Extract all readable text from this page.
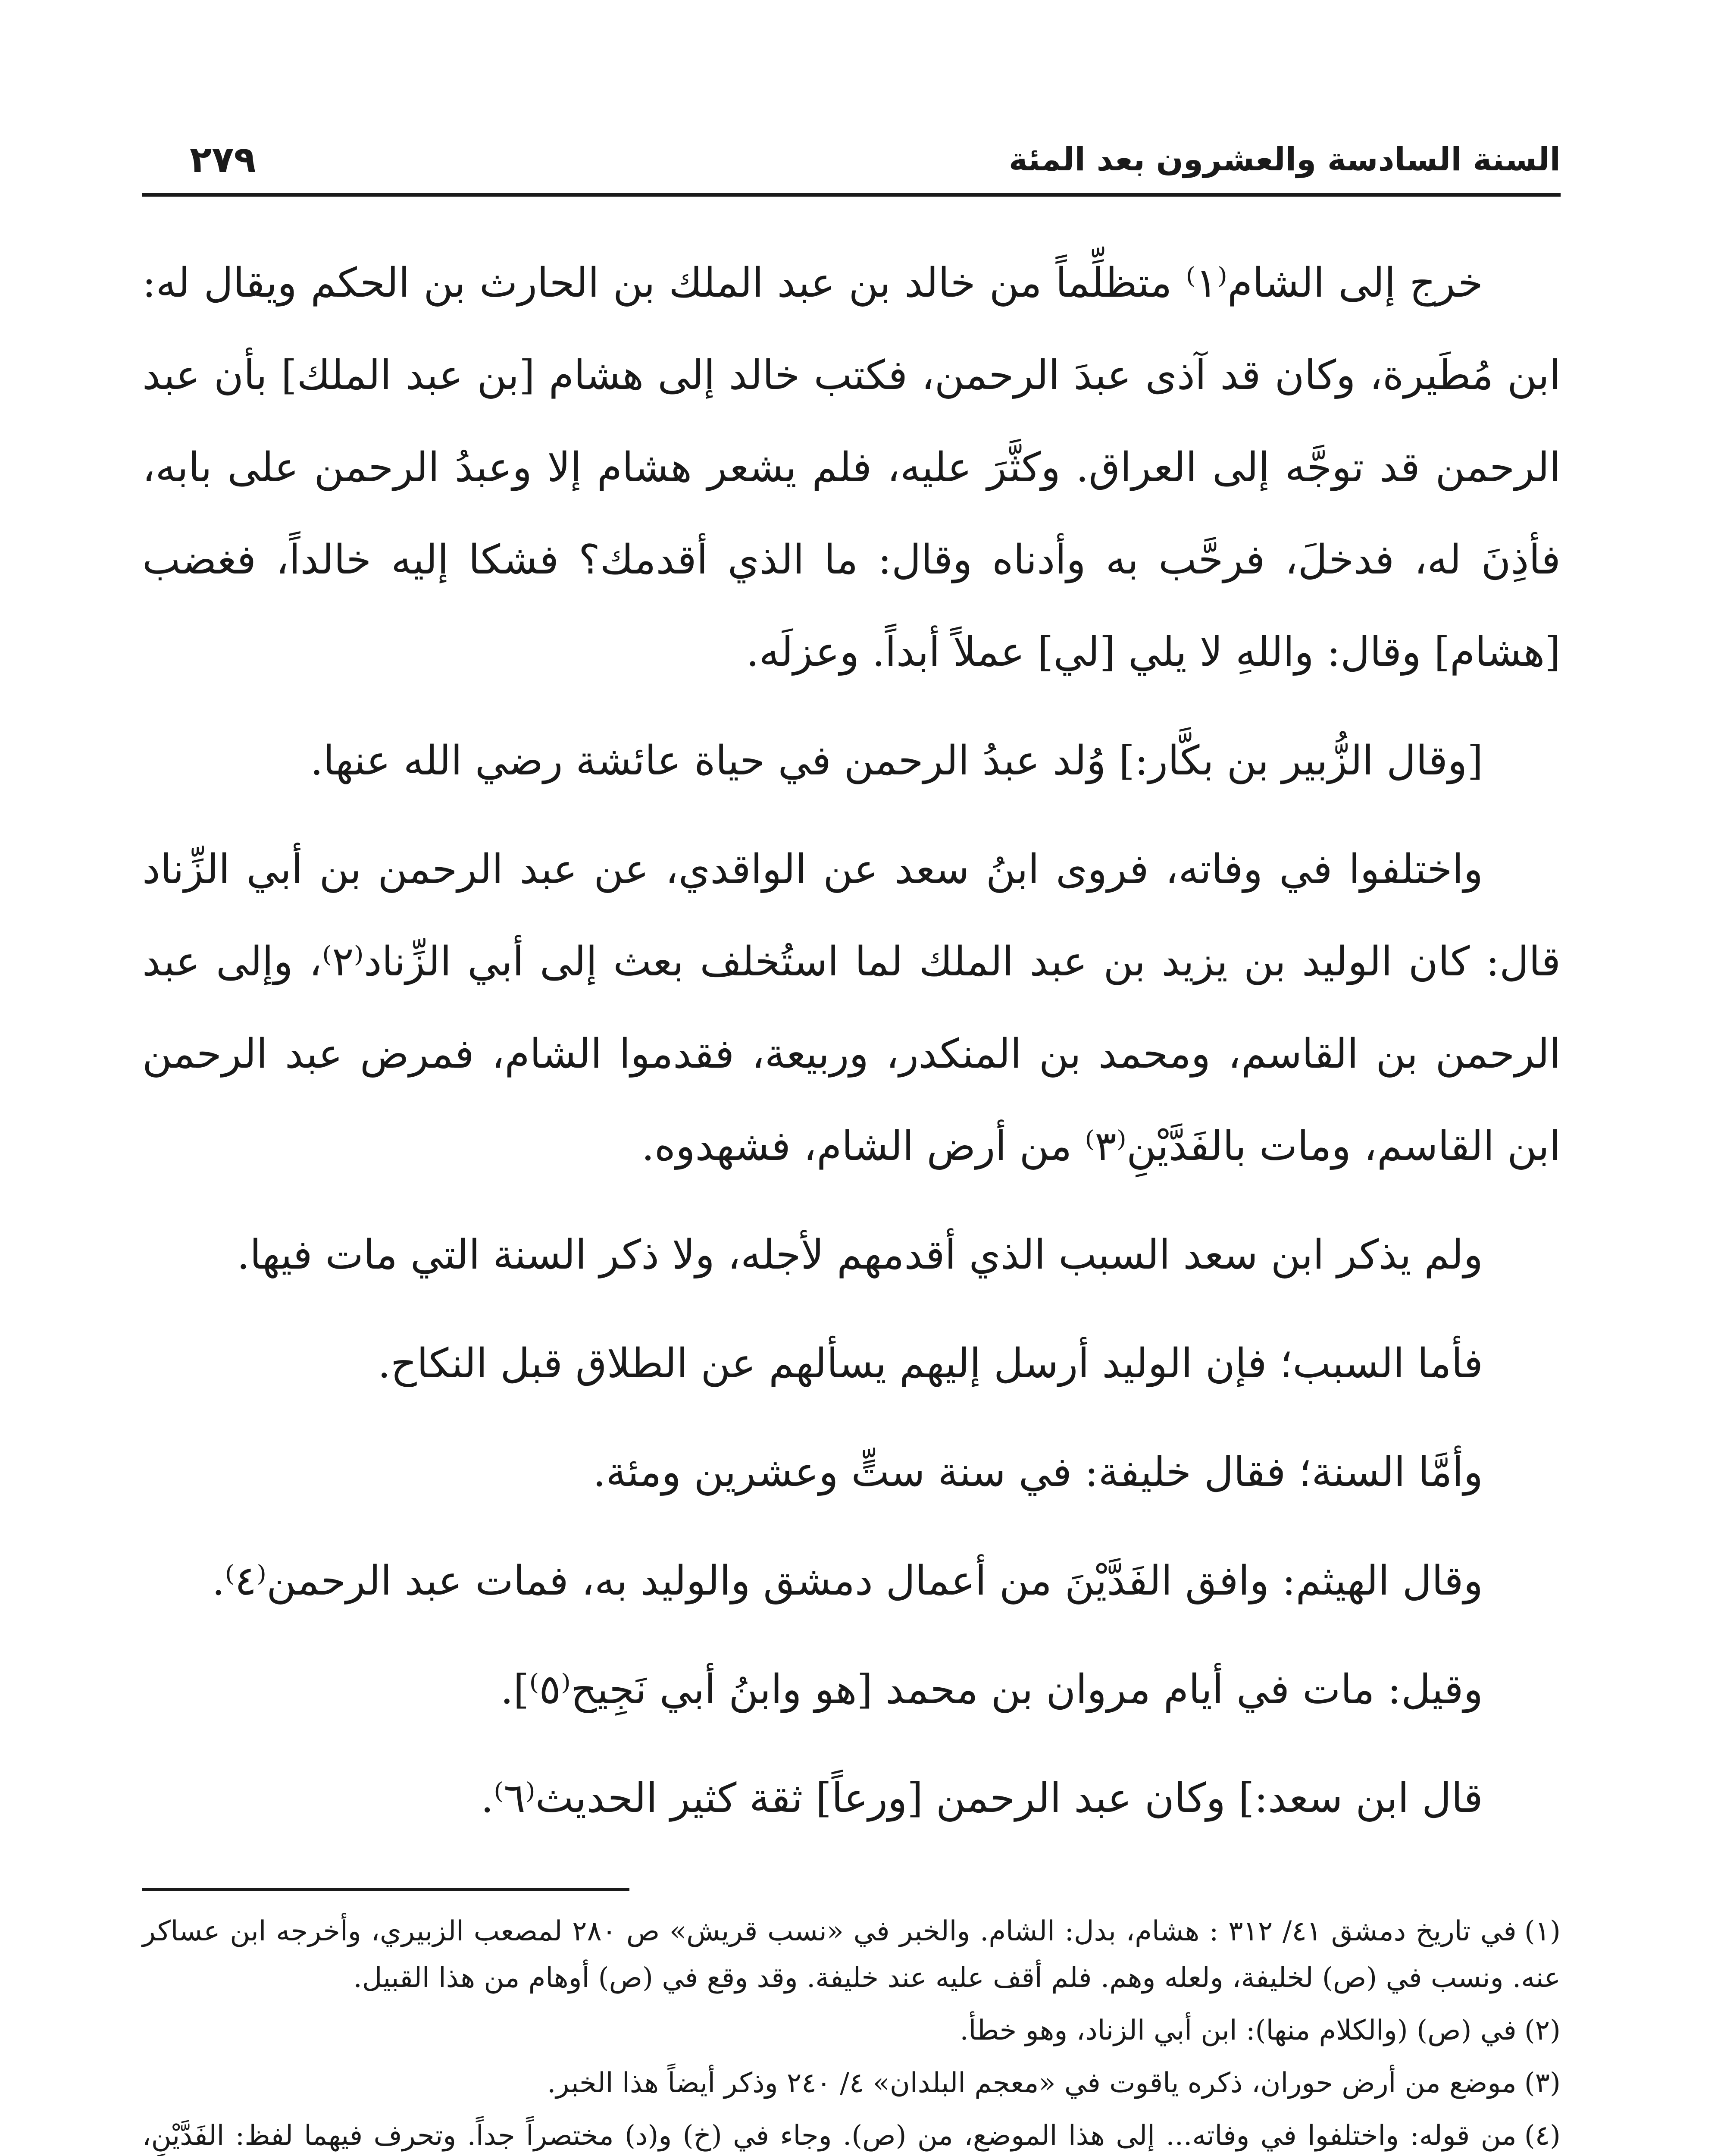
السنة السادسة والعشرون بعد المئة
٢٧٩

خرج إلى الشام⁽١⁾ متظلِّماً من خالد بن عبد الملك بن الحارث بن الحكم ويقال له: ابن مُطَيرة، وكان قد آذى عبدَ الرحمن، فكتب خالد إلى هشام [بن عبد الملك] بأن عبد الرحمن قد توجَّه إلى العراق. وكثَّرَ عليه، فلم يشعر هشام إلا وعبدُ الرحمن على بابه، فأذِنَ له، فدخلَ، فرحَّب به وأدناه وقال: ما الذي أقدمك؟ فشكا إليه خالداً، فغضب [هشام] وقال: واللهِ لا يلي [لي] عملاً أبداً. وعزلَه.

[وقال الزُّبير بن بكَّار:] وُلد عبدُ الرحمن في حياة عائشة رضي الله عنها.

واختلفوا في وفاته، فروى ابنُ سعد عن الواقدي، عن عبد الرحمن بن أبي الزِّناد قال: كان الوليد بن يزيد بن عبد الملك لما استُخلف بعث إلى أبي الزِّناد⁽٢⁾، وإلى عبد الرحمن بن القاسم، ومحمد بن المنكدر، وربيعة، فقدموا الشام، فمرض عبد الرحمن ابن القاسم، ومات بالفَدَّيْنِ⁽٣⁾ من أرض الشام، فشهدوه.

ولم يذكر ابن سعد السبب الذي أقدمهم لأجله، ولا ذكر السنة التي مات فيها.

فأما السبب؛ فإن الوليد أرسل إليهم يسألهم عن الطلاق قبل النكاح.

وأمَّا السنة؛ فقال خليفة: في سنة ستٍّ وعشرين ومئة.

وقال الهيثم: وافق الفَدَّيْنَ من أعمال دمشق والوليد به، فمات عبد الرحمن⁽٤⁾.

وقيل: مات في أيام مروان بن محمد [هو وابنُ أبي نَجِيح⁽٥⁾].

قال ابن سعد:] وكان عبد الرحمن [ورعاً] ثقة كثير الحديث⁽٦⁾.

(١)في تاريخ دمشق ٤١/ ٣١٢ : هشام، بدل: الشام. والخبر في «نسب قريش» ص ٢٨٠ لمصعب الزبيري، وأخرجه ابن عساكر عنه. ونسب في (ص) لخليفة، ولعله وهم. فلم أقف عليه عند خليفة. وقد وقع في (ص) أوهام من هذا القبيل.

(٢)في (ص) (والكلام منها): ابن أبي الزناد، وهو خطأ.

(٣)موضع من أرض حوران، ذكره ياقوت في «معجم البلدان» ٤/ ٢٤٠ وذكر أيضاً هذا الخبر.

(٤)من قوله: واختلفوا في وفاته... إلى هذا الموضع، من (ص). وجاء في (خ) و(د) مختصراً جداً. وتحرف فيهما لفظ: الفَدَّيْنِ،
